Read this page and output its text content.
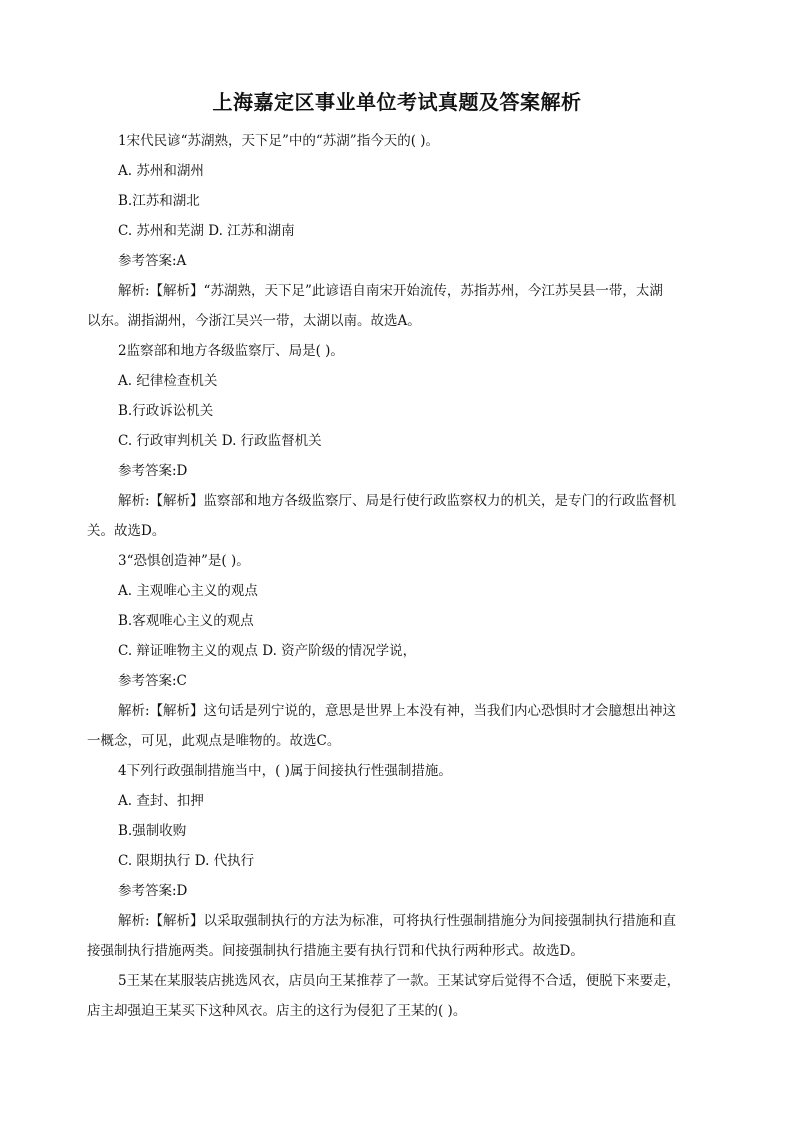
上海嘉定区事业单位考试真题及答案解析
1宋代民谚“苏湖熟，天下足”中的“苏湖”指今天的( )。
A. 苏州和湖州
B.江苏和湖北
C. 苏州和芜湖 D. 江苏和湖南
参考答案:A
解析:【解析】“苏湖熟，天下足”此谚语自南宋开始流传，苏指苏州，今江苏吴县一带，太湖
以东。湖指湖州，今浙江吴兴一带，太湖以南。故选A。
2监察部和地方各级监察厅、局是( )。
A. 纪律检查机关
B.行政诉讼机关
C. 行政审判机关 D. 行政监督机关
参考答案:D
解析:【解析】监察部和地方各级监察厅、局是行使行政监察权力的机关，是专门的行政监督机
关。故选D。
3“恐惧创造神”是( )。
A. 主观唯心主义的观点
B.客观唯心主义的观点
C. 辩证唯物主义的观点 D. 资产阶级的情况学说，
参考答案:C
解析:【解析】这句话是列宁说的，意思是世界上本没有神，当我们内心恐惧时才会臆想出神这
一概念，可见，此观点是唯物的。故选C。
4下列行政强制措施当中，( )属于间接执行性强制措施。
A. 查封、扣押
B.强制收购
C. 限期执行 D. 代执行
参考答案:D
解析:【解析】以采取强制执行的方法为标准，可将执行性强制措施分为间接强制执行措施和直
接强制执行措施两类。间接强制执行措施主要有执行罚和代执行两种形式。故选D。
5王某在某服装店挑选风衣，店员向王某推荐了一款。王某试穿后觉得不合适，便脱下来要走，
店主却强迫王某买下这种风衣。店主的这行为侵犯了王某的( )。
